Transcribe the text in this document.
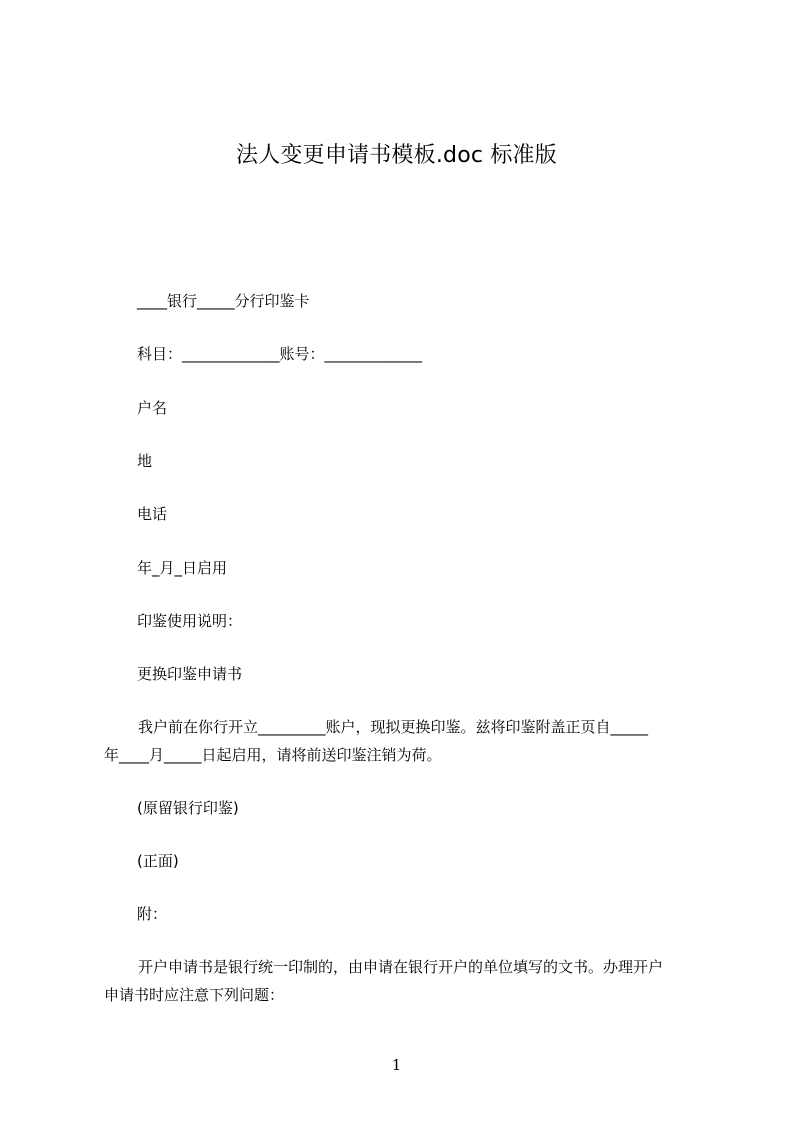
法人变更申请书模板.doc 标准版
____银行_____分行印鉴卡
科目：_____________账号：_____________
户名
地
电话
年_月_日启用
印鉴使用说明：
更换印鉴申请书
我户前在你行开立_________账户，现拟更换印鉴。兹将印鉴附盖正页自_____
年____月_____日起启用，请将前送印鉴注销为荷。
(原留银行印鉴)
(正面)
附：
开户申请书是银行统一印制的，由申请在银行开户的单位填写的文书。办理开户
申请书时应注意下列问题：
1
